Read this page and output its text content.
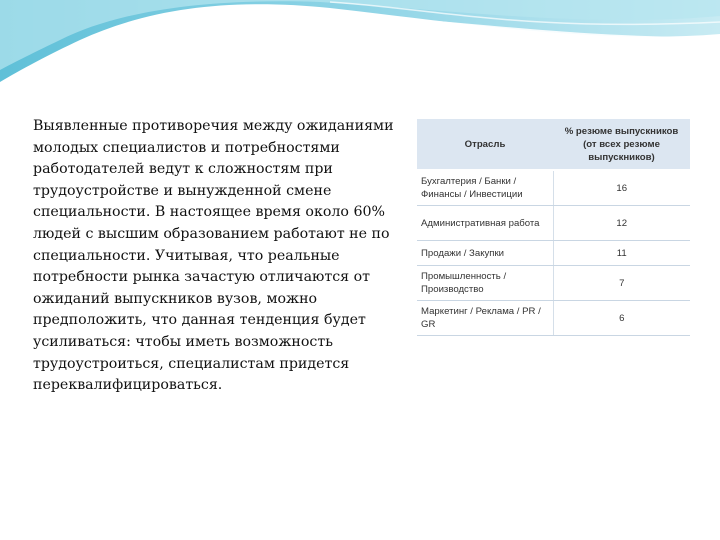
Выявленные противоречия между ожиданиями молодых специалистов и потребностями работодателей ведут к сложностям при трудоустройстве и вынужденной смене специальности. В настоящее время около 60% людей с высшим образованием работают не по специальности. Учитывая, что реальные потребности рынка зачастую отличаются от ожиданий выпускников вузов, можно предположить, что данная тенденция будет усиливаться: чтобы иметь возможность трудоустроиться, специалистам придется переквалифицироваться.

Отрасль	% резюме выпускников (от всех резюме выпускников)
Бухгалтерия / Банки / Финансы / Инвестиции	16
Административная работа	12
Продажи / Закупки	11
Промышленность / Производство	7
Маркетинг / Реклама / PR / GR	6
